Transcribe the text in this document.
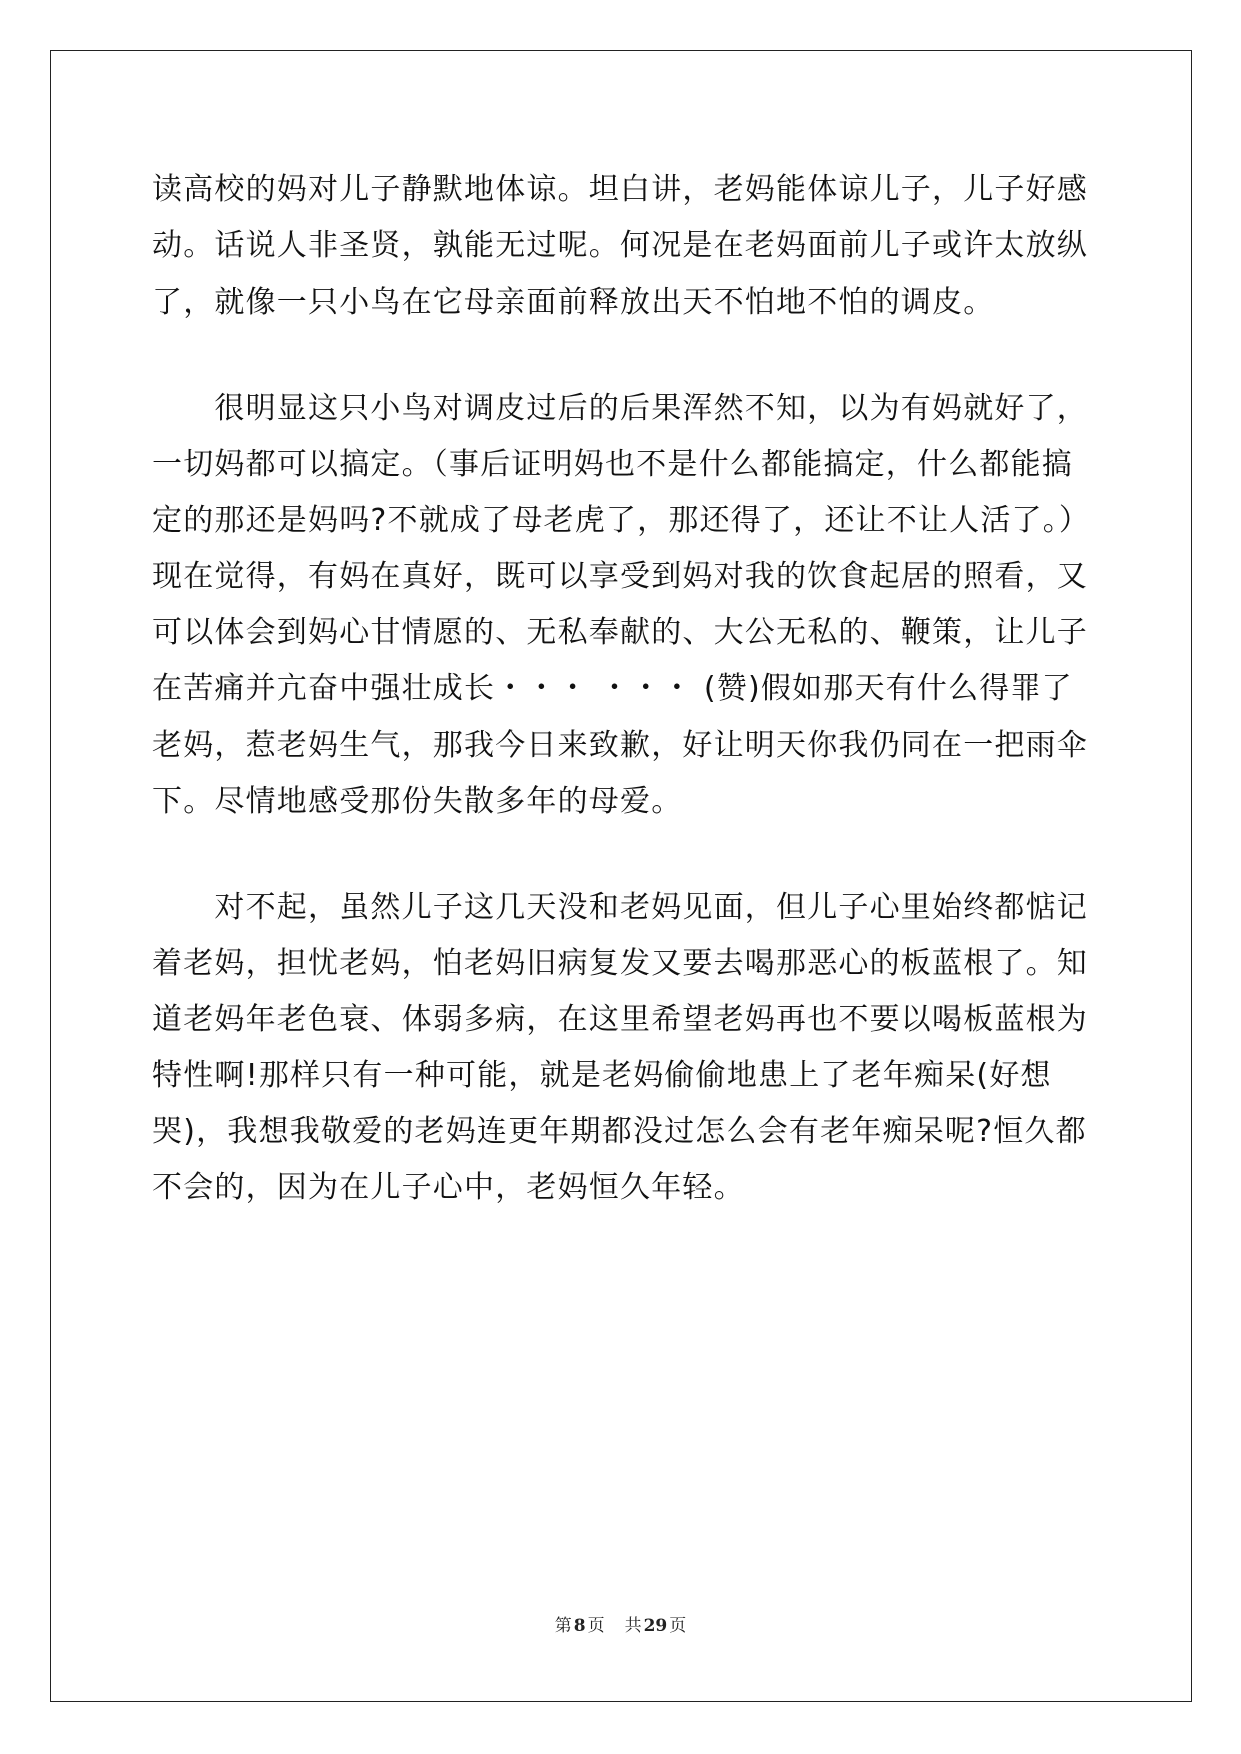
读高校的妈对儿子静默地体谅。坦白讲，老妈能体谅儿子，儿子好感
动。话说人非圣贤，孰能无过呢。何况是在老妈面前儿子或许太放纵
了，就像一只小鸟在它母亲面前释放出天不怕地不怕的调皮。
　　很明显这只小鸟对调皮过后的后果浑然不知，以为有妈就好了，
一切妈都可以搞定。（事后证明妈也不是什么都能搞定，什么都能搞
定的那还是妈吗?不就成了母老虎了，那还得了，还让不让人活了。）
现在觉得，有妈在真好，既可以享受到妈对我的饮食起居的照看，又
可以体会到妈心甘情愿的、无私奉献的、大公无私的、鞭策，让儿子
在苦痛并亢奋中强壮成长・・・ ・・・ (赞)假如那天有什么得罪了
老妈，惹老妈生气，那我今日来致歉，好让明天你我仍同在一把雨伞
下。尽情地感受那份失散多年的母爱。
　　对不起，虽然儿子这几天没和老妈见面，但儿子心里始终都惦记
着老妈，担忧老妈，怕老妈旧病复发又要去喝那恶心的板蓝根了。知
道老妈年老色衰、体弱多病，在这里希望老妈再也不要以喝板蓝根为
特性啊!那样只有一种可能，就是老妈偷偷地患上了老年痴呆(好想
哭)，我想我敬爱的老妈连更年期都没过怎么会有老年痴呆呢?恒久都
不会的，因为在儿子心中，老妈恒久年轻。
第 8 页 共 29 页
